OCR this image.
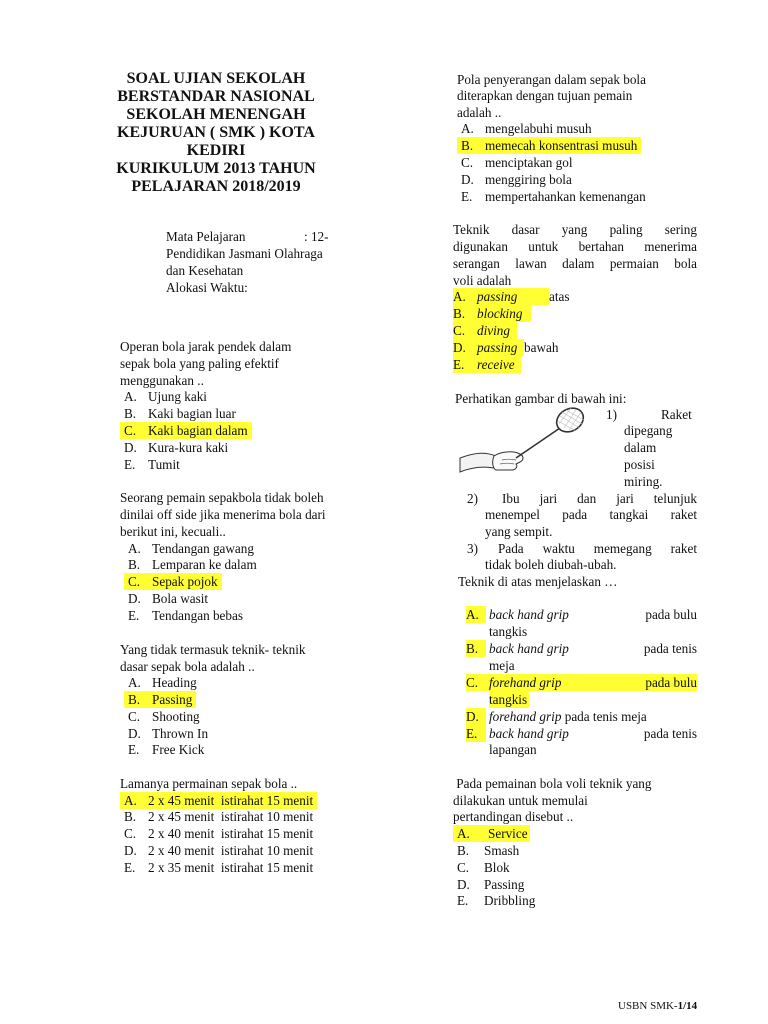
SOAL UJIAN SEKOLAH
BERSTANDAR NASIONAL
SEKOLAH MENENGAH
KEJURUAN ( SMK ) KOTA
KEDIRI
KURIKULUM 2013 TAHUN
PELAJARAN 2018/2019
Mata Pelajaran	: 12-
Pendidikan Jasmani Olahraga
dan Kesehatan
Alokasi Waktu:
Operan bola jarak pendek dalam
sepak bola yang paling efektif
menggunakan ..
A. Ujung kaki
B. Kaki bagian luar
C. Kaki bagian dalam
D. Kura-kura kaki
E. Tumit
Seorang pemain sepakbola tidak boleh
dinilai off side jika menerima bola dari
berikut ini, kecuali..
A. Tendangan gawang
B. Lemparan ke dalam
C. Sepak pojok
D. Bola wasit
E. Tendangan bebas
Yang tidak termasuk teknik- teknik
dasar sepak bola adalah ..
A. Heading
B. Passing
C. Shooting
D. Thrown In
E. Free Kick
Lamanya permainan sepak bola ..
A. 2 x 45 menit  istirahat 15 menit
B. 2 x 45 menit  istirahat 10 menit
C. 2 x 40 menit  istirahat 15 menit
D. 2 x 40 menit  istirahat 10 menit
E. 2 x 35 menit  istirahat 15 menit
Pola penyerangan dalam sepak bola
diterapkan dengan tujuan pemain
adalah ..
A. mengelabuhi musuh
B. memecah konsentrasi musuh
C. menciptakan gol
D. menggiring bola
E. mempertahankan kemenangan
Teknik dasar yang paling sering
digunakan untuk bertahan menerima
serangan lawan dalam permaian bola
voli adalah
A. passing	atas
B. blocking
C. diving
D. passing bawah
E. receive
Perhatikan gambar di bawah ini:
1)	Raket
dipegang
dalam
posisi
miring.
2) Ibu jari dan jari telunjuk
menempel pada tangkai raket
yang sempit.
3) Pada waktu memegang raket
tidak boleh diubah-ubah.
Teknik di atas menjelaskan …
A. back hand grip	pada bulu
tangkis
B. back hand grip	pada tenis
meja
C. forehand grip	pada bulu
tangkis
D. forehand grip pada tenis meja
E. back hand grip	pada tenis
lapangan
Pada pemainan bola voli teknik yang
dilakukan untuk memulai
pertandingan disebut ..
A. Service
B. Smash
C. Blok
D. Passing
E. Dribbling
USBN SMK-1/14
